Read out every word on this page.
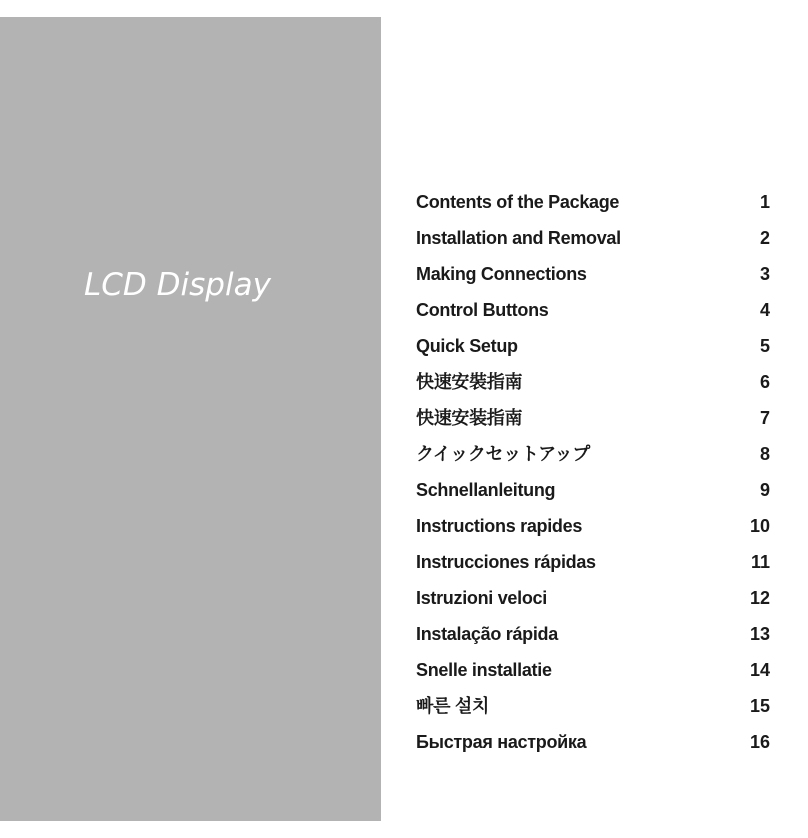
LCD Display
Contents of the Package	1
Installation and Removal	2
Making Connections	3
Control Buttons	4
Quick Setup	5
快速安裝指南	6
快速安装指南	7
クイックセットアップ	8
Schnellanleitung	9
Instructions rapides	10
Instrucciones rápidas	11
Istruzioni veloci	12
Instalação rápida	13
Snelle installatie	14
빠른 설치	15
Быстрая настройка	16
